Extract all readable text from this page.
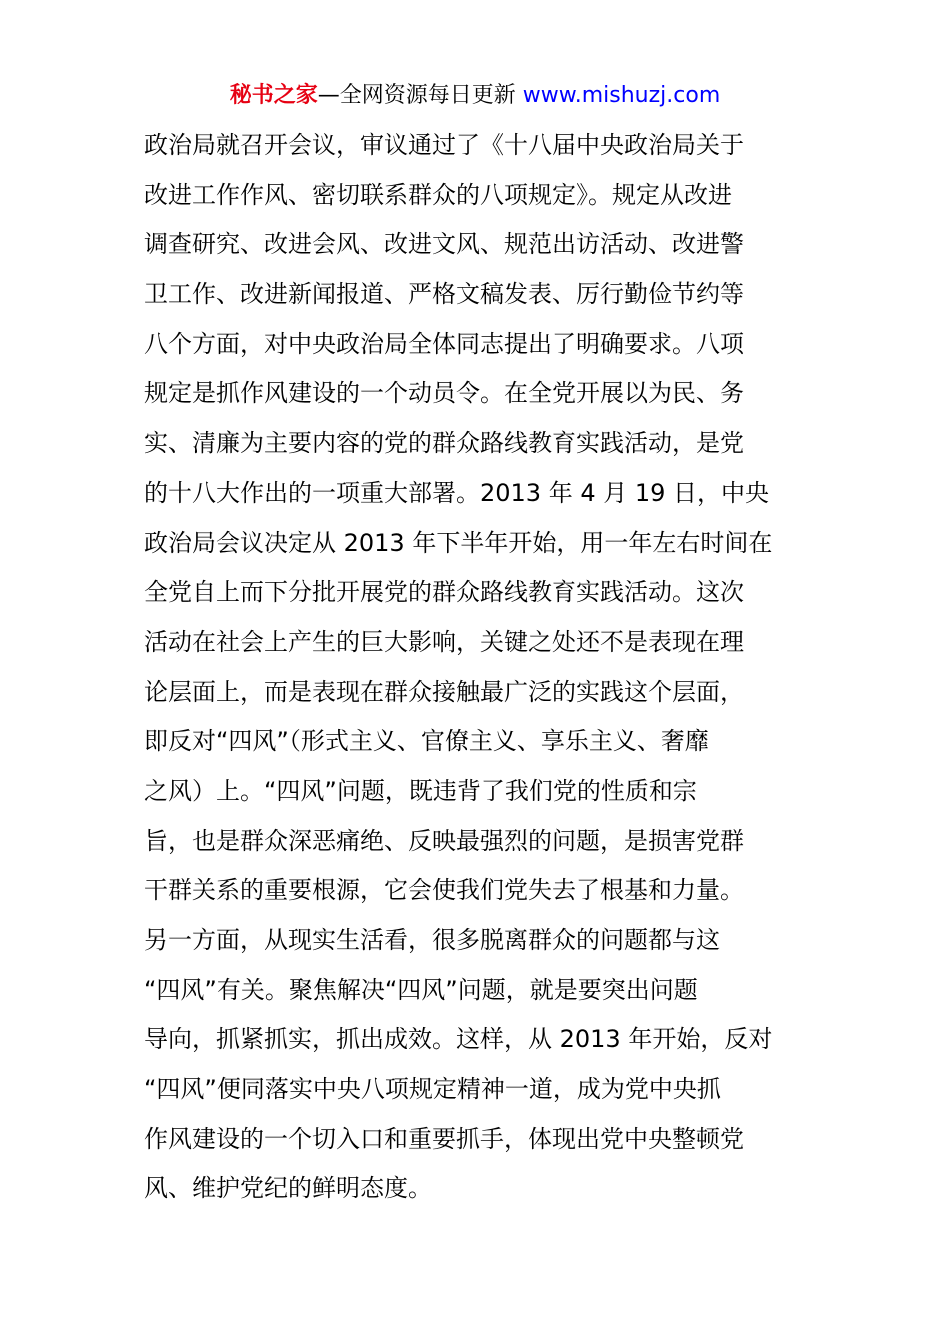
秘书之家—全网资源每日更新 www.mishuzj.com
政治局就召开会议，审议通过了《十八届中央政治局关于
改进工作作风、密切联系群众的八项规定》。规定从改进
调查研究、改进会风、改进文风、规范出访活动、改进警
卫工作、改进新闻报道、严格文稿发表、厉行勤俭节约等
八个方面，对中央政治局全体同志提出了明确要求。八项
规定是抓作风建设的一个动员令。在全党开展以为民、务
实、清廉为主要内容的党的群众路线教育实践活动，是党
的十八大作出的一项重大部署。2013 年 4 月 19 日，中央
政治局会议决定从 2013 年下半年开始，用一年左右时间在
全党自上而下分批开展党的群众路线教育实践活动。这次
活动在社会上产生的巨大影响，关键之处还不是表现在理
论层面上，而是表现在群众接触最广泛的实践这个层面，
即反对“四风”（形式主义、官僚主义、享乐主义、奢靡
之风）上。“四风”问题，既违背了我们党的性质和宗
旨，也是群众深恶痛绝、反映最强烈的问题，是损害党群
干群关系的重要根源，它会使我们党失去了根基和力量。
另一方面，从现实生活看，很多脱离群众的问题都与这
“四风”有关。聚焦解决“四风”问题，就是要突出问题
导向，抓紧抓实，抓出成效。这样，从 2013 年开始，反对
“四风”便同落实中央八项规定精神一道，成为党中央抓
作风建设的一个切入口和重要抓手，体现出党中央整顿党
风、维护党纪的鲜明态度。
